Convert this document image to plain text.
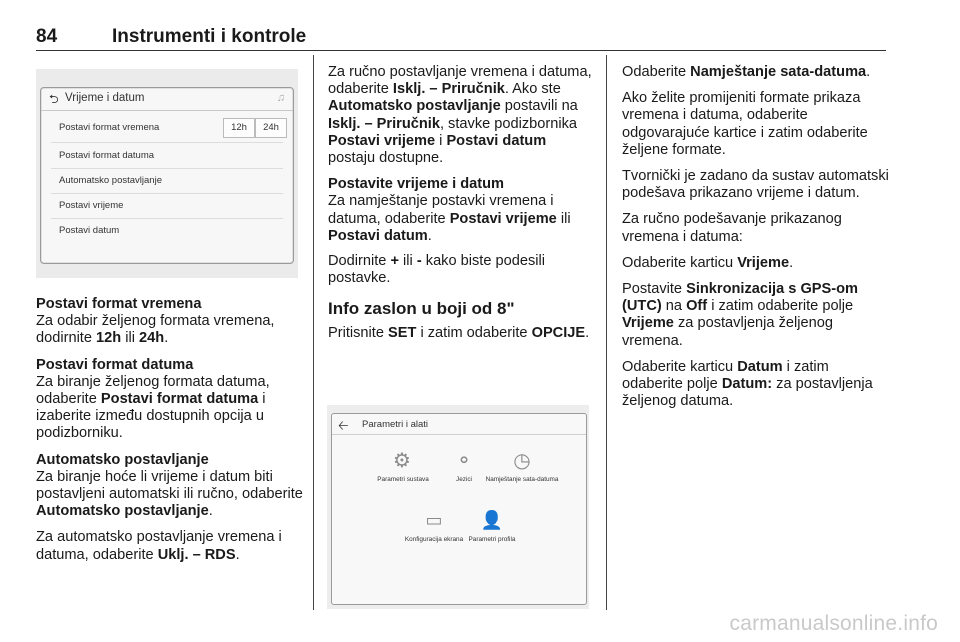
84	Instrumenti i kontrole
⮌ Vrijeme i datum	♫
Postavi format vremena	12h	24h
Postavi format datuma
Automatsko postavljanje
Postavi vrijeme
Postavi datum

Postavi format vremena
Za odabir željenog formata vremena, dodirnite 12h ili 24h.

Postavi format datuma
Za biranje željenog formata datuma, odaberite Postavi format datuma i izaberite između dostupnih opcija u podizborniku.

Automatsko postavljanje
Za biranje hoće li vrijeme i datum biti postavljeni automatski ili ručno, odaberite Automatsko postavljanje.

Za automatsko postavljanje vremena i datuma, odaberite Uklj. – RDS.

Za ručno postavljanje vremena i datuma, odaberite Isklj. – Priručnik. Ako ste Automatsko postavljanje postavili na Isklj. – Priručnik, stavke podizbornika Postavi vrijeme i Postavi datum postaju dostupne.

Postavite vrijeme i datum
Za namještanje postavki vremena i datuma, odaberite Postavi vrijeme ili Postavi datum.

Dodirnite + ili - kako biste podesili postavke.

Info zaslon u boji od 8"

Pritisnite SET i zatim odaberite OPCIJE.

🡠 Parametri i alati
⚙
Parametri sustava
⚬
Jezici
◷
Namještanje sata-datuma
▭
Konfiguracija ekrana
👤
Parametri profila

Odaberite Namještanje sata-datuma.

Ako želite promijeniti formate prikaza vremena i datuma, odaberite odgovarajuće kartice i zatim odaberite željene formate.

Tvornički je zadano da sustav automatski podešava prikazano vrijeme i datum.

Za ručno podešavanje prikazanog vremena i datuma:

Odaberite karticu Vrijeme.

Postavite Sinkronizacija s GPS-om (UTC) na Off i zatim odaberite polje Vrijeme za postavljenja željenog vremena.

Odaberite karticu Datum i zatim odaberite polje Datum: za postavljenja željenog datuma.

carmanualsonline.info
